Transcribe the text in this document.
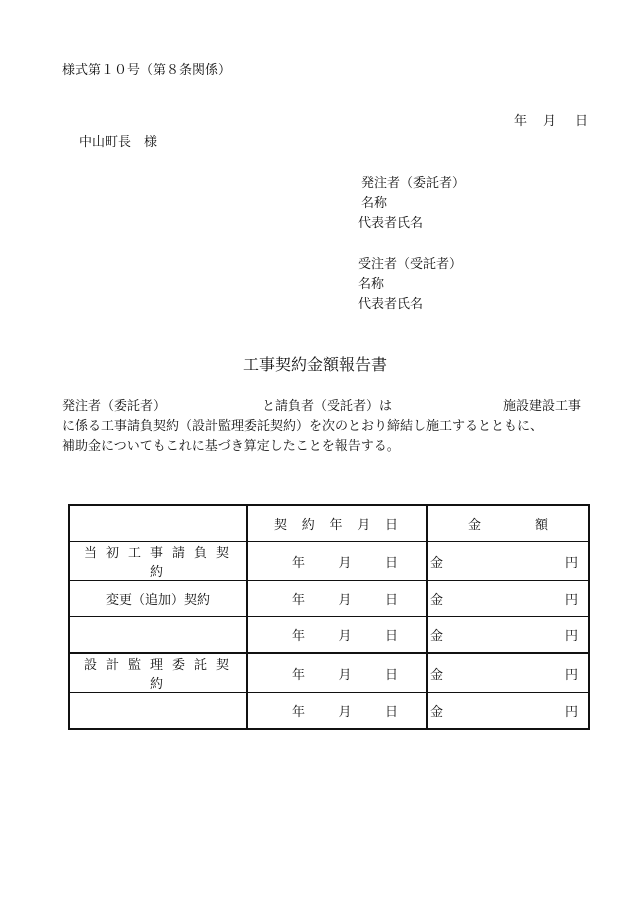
様式第１０号（第８条関係）
年 月 日
中山町長　様
発注者（委託者）
名称
代表者氏名
受注者（受託者）
名称
代表者氏名
工事契約金額報告書
発注者（委託者）	と請負者（受託者）は	施設建設工事
に係る工事請負契約（設計監理委託契約）を次のとおり締結し施工するとともに、
補助金についてもこれに基づき算定したことを報告する。

	契 約 年 月 日	金 額

当初工事請負契約	年 月 日	金 円

変更（追加）契約	年 月 日	金 円

	年 月 日	金 円

設計監理委託契約	年 月 日	金 円

	年 月 日	金 円
